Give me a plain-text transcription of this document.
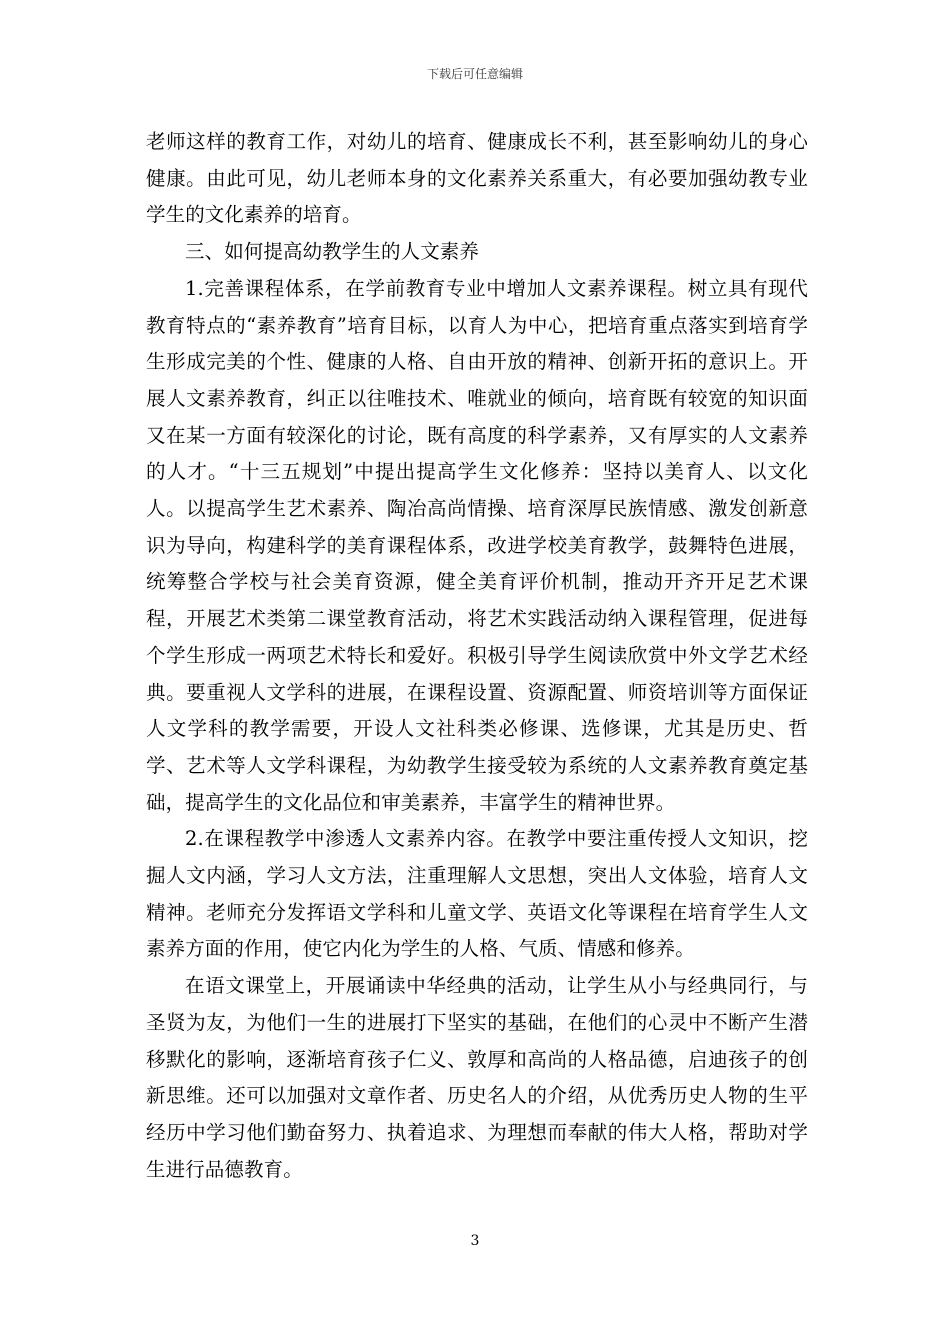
下载后可任意编辑

老师这样的教育工作，对幼儿的培育、健康成长不利，甚至影响幼儿的身心健康。由此可见，幼儿老师本身的文化素养关系重大，有必要加强幼教专业学生的文化素养的培育。

三、如何提高幼教学生的人文素养

1.完善课程体系，在学前教育专业中增加人文素养课程。树立具有现代教育特点的“素养教育”培育目标，以育人为中心，把培育重点落实到培育学生形成完美的个性、健康的人格、自由开放的精神、创新开拓的意识上。开展人文素养教育，纠正以往唯技术、唯就业的倾向，培育既有较宽的知识面又在某一方面有较深化的讨论，既有高度的科学素养，又有厚实的人文素养的人才。“十三五规划”中提出提高学生文化修养：坚持以美育人、以文化人。以提高学生艺术素养、陶冶高尚情操、培育深厚民族情感、激发创新意识为导向，构建科学的美育课程体系，改进学校美育教学，鼓舞特色进展，统筹整合学校与社会美育资源，健全美育评价机制，推动开齐开足艺术课程，开展艺术类第二课堂教育活动，将艺术实践活动纳入课程管理，促进每个学生形成一两项艺术特长和爱好。积极引导学生阅读欣赏中外文学艺术经典。要重视人文学科的进展，在课程设置、资源配置、师资培训等方面保证人文学科的教学需要，开设人文社科类必修课、选修课，尤其是历史、哲学、艺术等人文学科课程，为幼教学生接受较为系统的人文素养教育奠定基础，提高学生的文化品位和审美素养，丰富学生的精神世界。

2.在课程教学中渗透人文素养内容。在教学中要注重传授人文知识，挖掘人文内涵，学习人文方法，注重理解人文思想，突出人文体验，培育人文精神。老师充分发挥语文学科和儿童文学、英语文化等课程在培育学生人文素养方面的作用，使它内化为学生的人格、气质、情感和修养。

在语文课堂上，开展诵读中华经典的活动，让学生从小与经典同行，与圣贤为友，为他们一生的进展打下坚实的基础，在他们的心灵中不断产生潜移默化的影响，逐渐培育孩子仁义、敦厚和高尚的人格品德，启迪孩子的创新思维。还可以加强对文章作者、历史名人的介绍，从优秀历史人物的生平经历中学习他们勤奋努力、执着追求、为理想而奉献的伟大人格，帮助对学生进行品德教育。

3
